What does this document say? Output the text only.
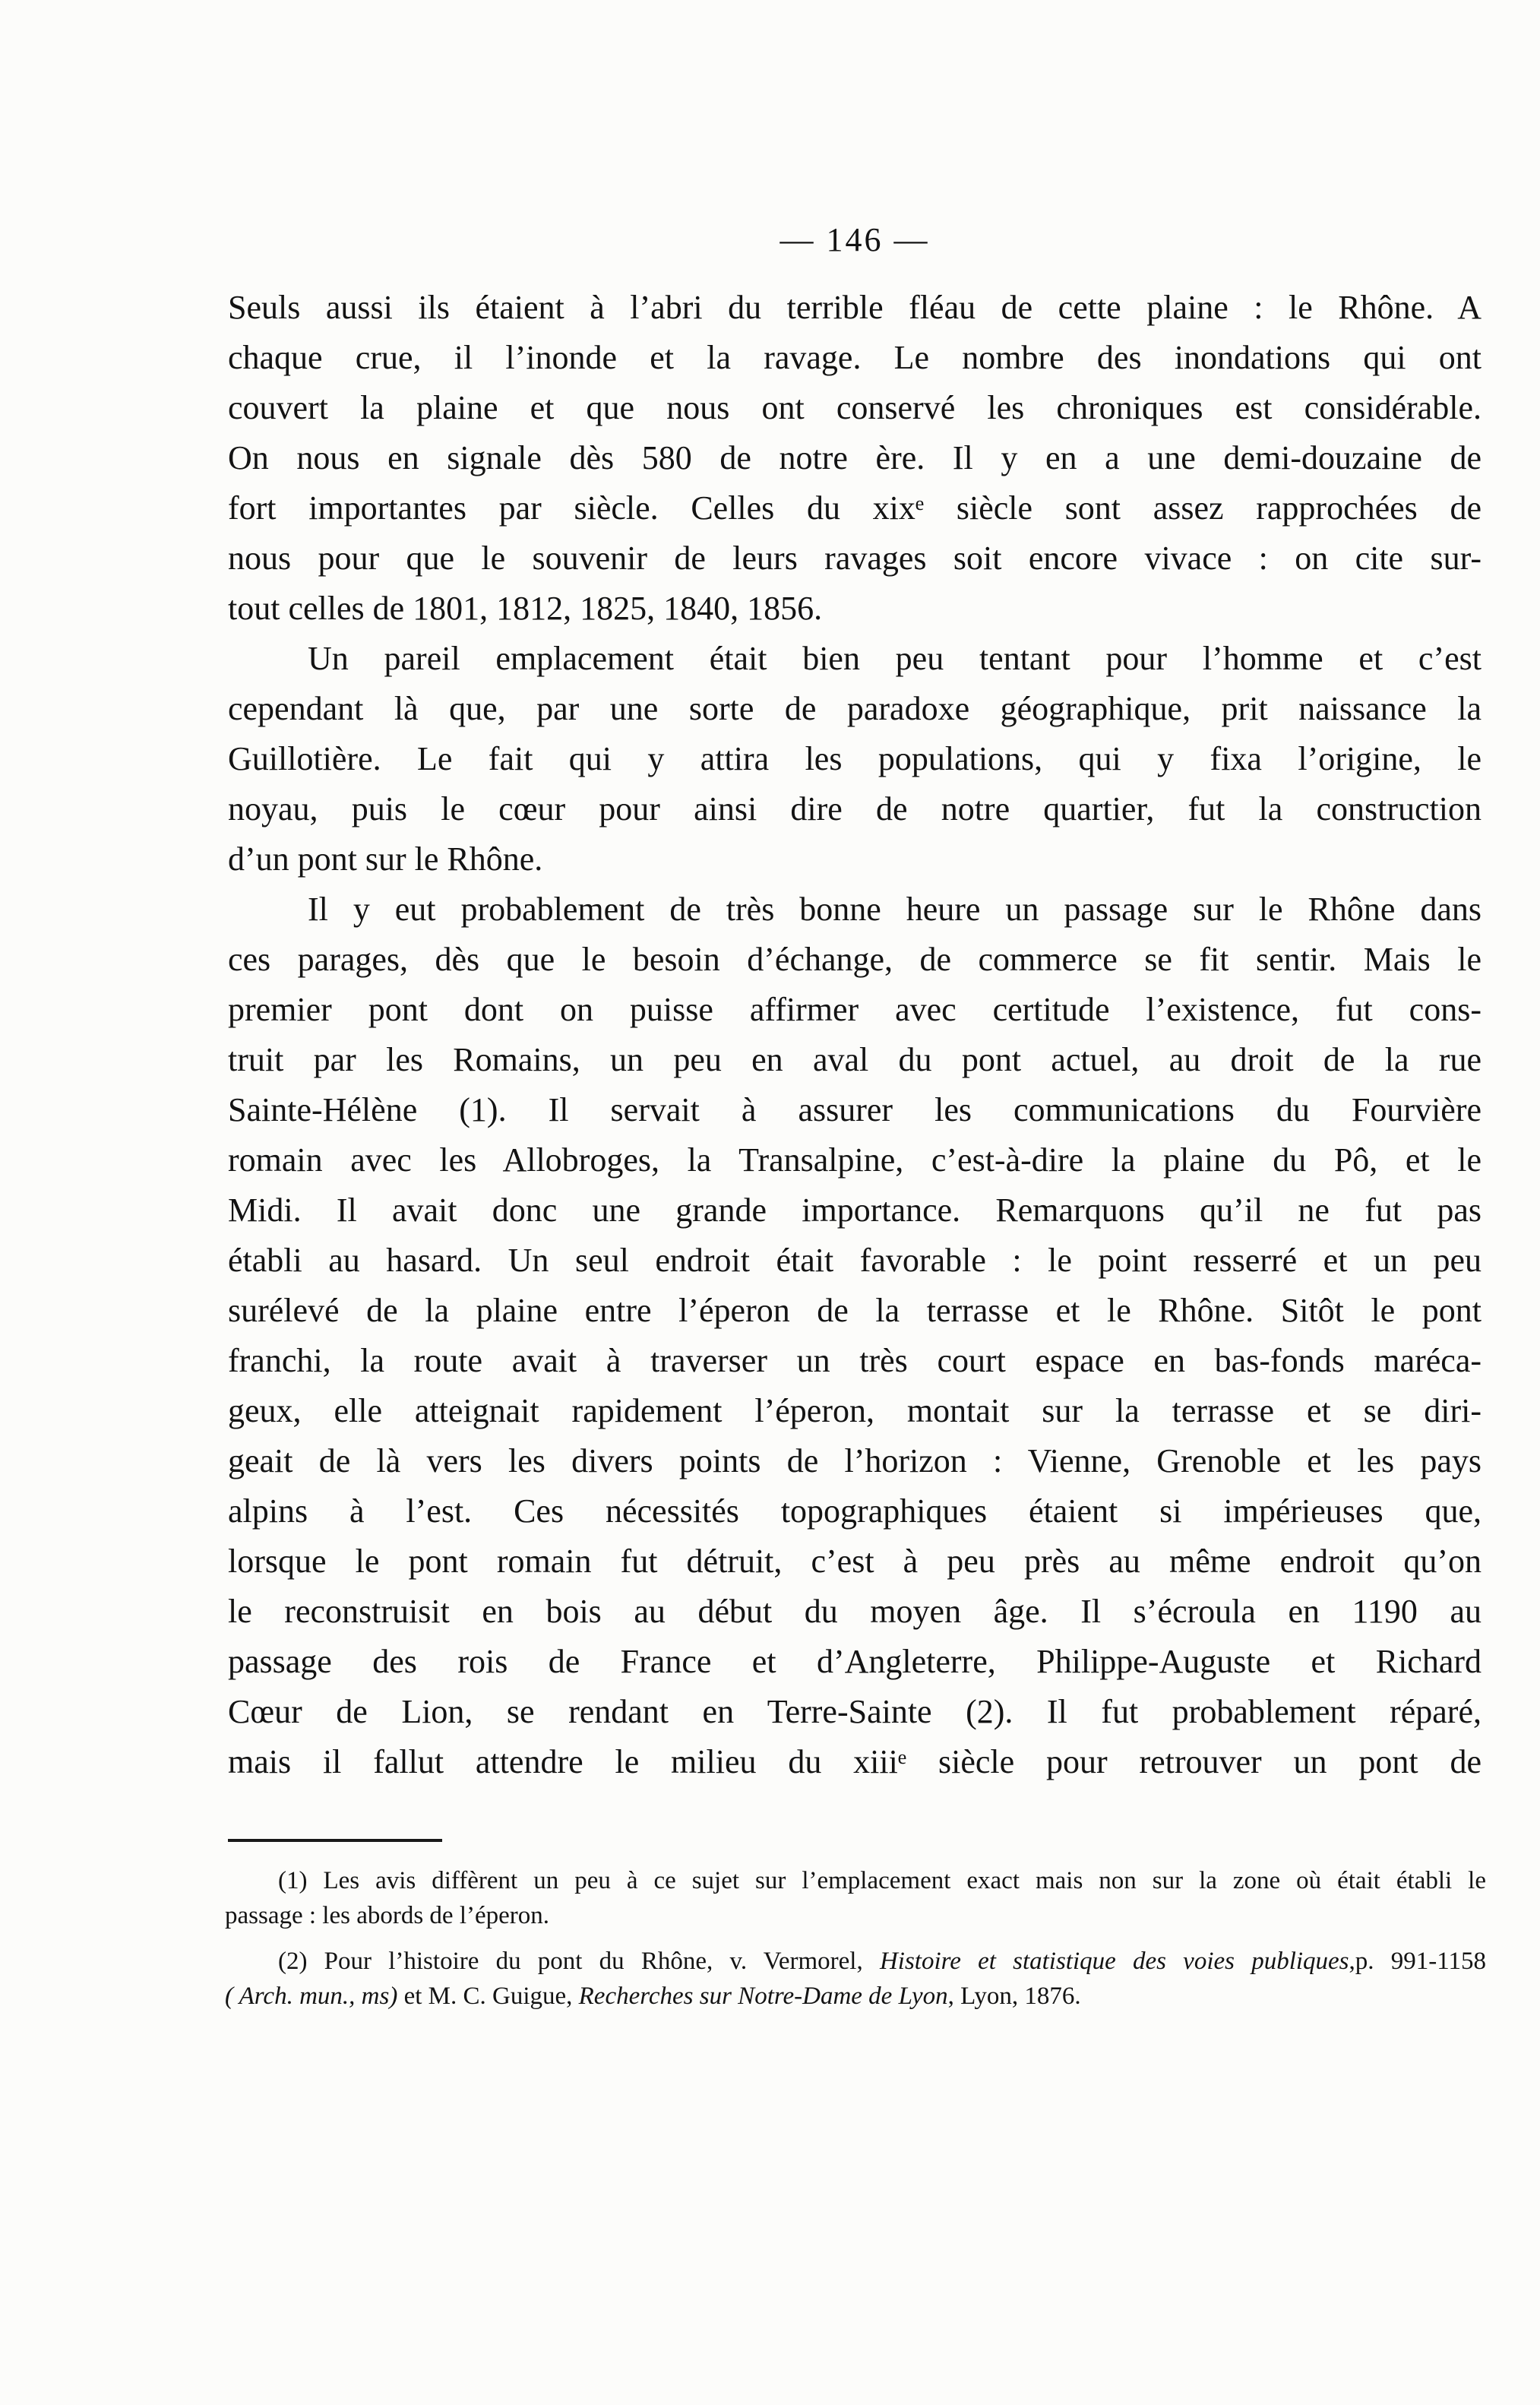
— 146 —
Seuls aussi ils étaient à l’abri du terrible fléau de cette plaine : le Rhône. A
chaque crue, il l’inonde et la ravage. Le nombre des inondations qui ont
couvert la plaine et que nous ont conservé les chroniques est considérable.
On nous en signale dès 580 de notre ère. Il y en a une demi-douzaine de
fort importantes par siècle. Celles du xixᵉ siècle sont assez rapprochées de
nous pour que le souvenir de leurs ravages soit encore vivace : on cite sur-
tout celles de 1801, 1812, 1825, 1840, 1856.
Un pareil emplacement était bien peu tentant pour l’homme et c’est
cependant là que, par une sorte de paradoxe géographique, prit naissance la
Guillotière. Le fait qui y attira les populations, qui y fixa l’origine, le
noyau, puis le cœur pour ainsi dire de notre quartier, fut la construction
d’un pont sur le Rhône.
Il y eut probablement de très bonne heure un passage sur le Rhône dans
ces parages, dès que le besoin d’échange, de commerce se fit sentir. Mais le
premier pont dont on puisse affirmer avec certitude l’existence, fut cons-
truit par les Romains, un peu en aval du pont actuel, au droit de la rue
Sainte-Hélène (1). Il servait à assurer les communications du Fourvière
romain avec les Allobroges, la Transalpine, c’est-à-dire la plaine du Pô, et le
Midi. Il avait donc une grande importance. Remarquons qu’il ne fut pas
établi au hasard. Un seul endroit était favorable : le point resserré et un peu
surélevé de la plaine entre l’éperon de la terrasse et le Rhône. Sitôt le pont
franchi, la route avait à traverser un très court espace en bas-fonds maréca-
geux, elle atteignait rapidement l’éperon, montait sur la terrasse et se diri-
geait de là vers les divers points de l’horizon : Vienne, Grenoble et les pays
alpins à l’est. Ces nécessités topographiques étaient si impérieuses que,
lorsque le pont romain fut détruit, c’est à peu près au même endroit qu’on
le reconstruisit en bois au début du moyen âge. Il s’écroula en 1190 au
passage des rois de France et d’Angleterre, Philippe-Auguste et Richard
Cœur de Lion, se rendant en Terre-Sainte (2). Il fut probablement réparé,
mais il fallut attendre le milieu du xiiiᵉ siècle pour retrouver un pont de
(1) Les avis diffèrent un peu à ce sujet sur l’emplacement exact mais non sur la zone où était établi le
passage : les abords de l’éperon.
(2) Pour l’histoire du pont du Rhône, v. Vermorel, Histoire et statistique des voies publiques,p. 991-1158
( Arch. mun., ms) et M. C. Guigue, Recherches sur Notre-Dame de Lyon, Lyon, 1876.
